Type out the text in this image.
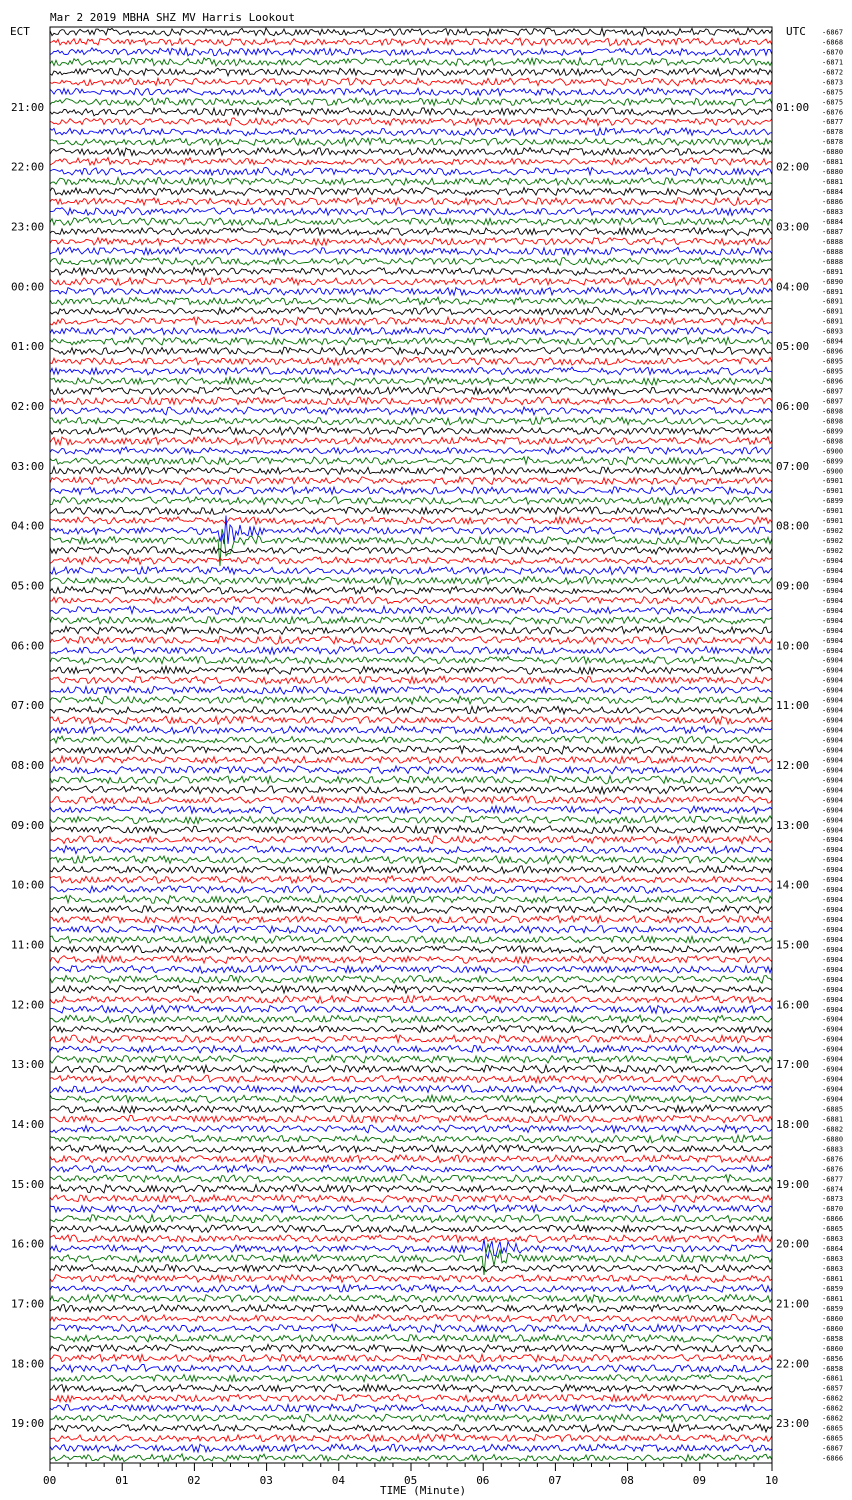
Mar 2 2019 MBHA SHZ MV Harris Lookout
ECT	UTC
21:00	01:00
22:00	02:00
23:00	03:00
00:00	04:00
01:00	05:00
02:00	06:00
03:00	07:00
04:00	08:00
05:00	09:00
06:00	10:00
07:00	11:00
08:00	12:00
09:00	13:00
10:00	14:00
11:00	15:00
12:00	16:00
13:00	17:00
14:00	18:00
15:00	19:00
16:00	20:00
17:00	21:00
18:00	22:00
19:00	23:00
-6867
-6868
-6870
-6871
-6872
-6873
-6875
-6875
-6876
-6877
-6878
-6878
-6880
-6881
-6880
-6881
-6884
-6886
-6883
-6884
-6887
-6888
-6888
-6888
-6891
-6890
-6891
-6891
-6891
-6891
-6893
-6894
-6896
-6895
-6895
-6896
-6897
-6897
-6898
-6898
-6899
-6898
-6900
-6899
-6900
-6901
-6901
-6899
-6901
-6901
-6902
-6902
-6902
-6904
-6904
-6904
-6904
-6904
-6904
-6904
-6904
-6904
-6904
-6904
-6904
-6904
-6904
-6904
-6904
-6904
-6904
-6904
-6904
-6904
-6904
-6904
-6904
-6904
-6904
-6904
-6904
-6904
-6904
-6904
-6904
-6904
-6904
-6904
-6904
-6904
-6904
-6904
-6904
-6904
-6904
-6904
-6904
-6904
-6904
-6904
-6904
-6904
-6904
-6904
-6904
-6904
-6904
-6904
-6885
-6881
-6882
-6880
-6883
-6876
-6876
-6877
-6874
-6873
-6870
-6866
-6865
-6863
-6864
-6863
-6863
-6861
-6859
-6861
-6859
-6860
-6860
-6858
-6860
-6856
-6858
-6861
-6857
-6862
-6862
-6862
-6865
-6865
-6867
-6866
00	01	02	03	04	05	06	07	08	09	10
TIME (Minute)
